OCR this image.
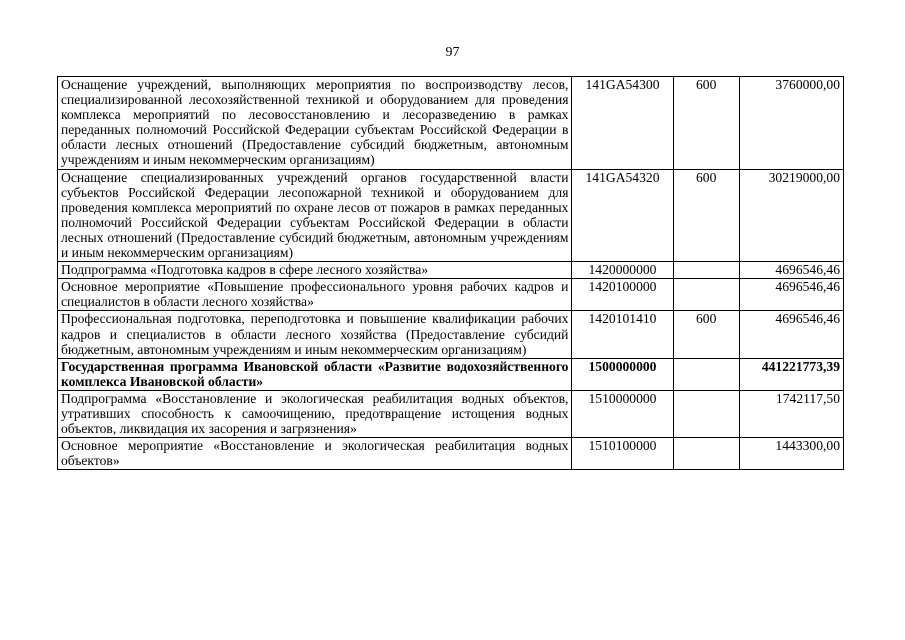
97
Оснащение учреждений, выполняющих мероприятия по воспроизводству лесов, специализированной лесохозяйственной техникой и оборудованием для проведения комплекса мероприятий по лесовосстановлению и лесоразведению в рамках переданных полномочий Российской Федерации субъектам Российской Федерации в области лесных отношений (Предоставление субсидий бюджетным, автономным учреждениям и иным некоммерческим организациям)	141GA54300	600	3760000,00
Оснащение специализированных учреждений органов государственной власти субъектов Российской Федерации лесопожарной техникой и оборудованием для проведения комплекса мероприятий по охране лесов от пожаров в рамках переданных полномочий Российской Федерации субъектам Российской Федерации в области лесных отношений (Предоставление субсидий бюджетным, автономным учреждениям и иным некоммерческим организациям)	141GA54320	600	30219000,00
Подпрограмма «Подготовка кадров в сфере лесного хозяйства»	1420000000		4696546,46
Основное мероприятие «Повышение профессионального уровня рабочих кадров и специалистов в области лесного хозяйства»	1420100000		4696546,46
Профессиональная подготовка, переподготовка и повышение квалификации рабочих кадров и специалистов в области лесного хозяйства (Предоставление субсидий бюджетным, автономным учреждениям и иным некоммерческим организациям)	1420101410	600	4696546,46
Государственная программа Ивановской области «Развитие водохозяйственного комплекса Ивановской области»	1500000000		441221773,39
Подпрограмма «Восстановление и экологическая реабилитация водных объектов, утративших способность к самоочищению, предотвращение истощения водных объектов, ликвидация их засорения и загрязнения»	1510000000		1742117,50
Основное мероприятие «Восстановление и экологическая реабилитация водных объектов»	1510100000		1443300,00
